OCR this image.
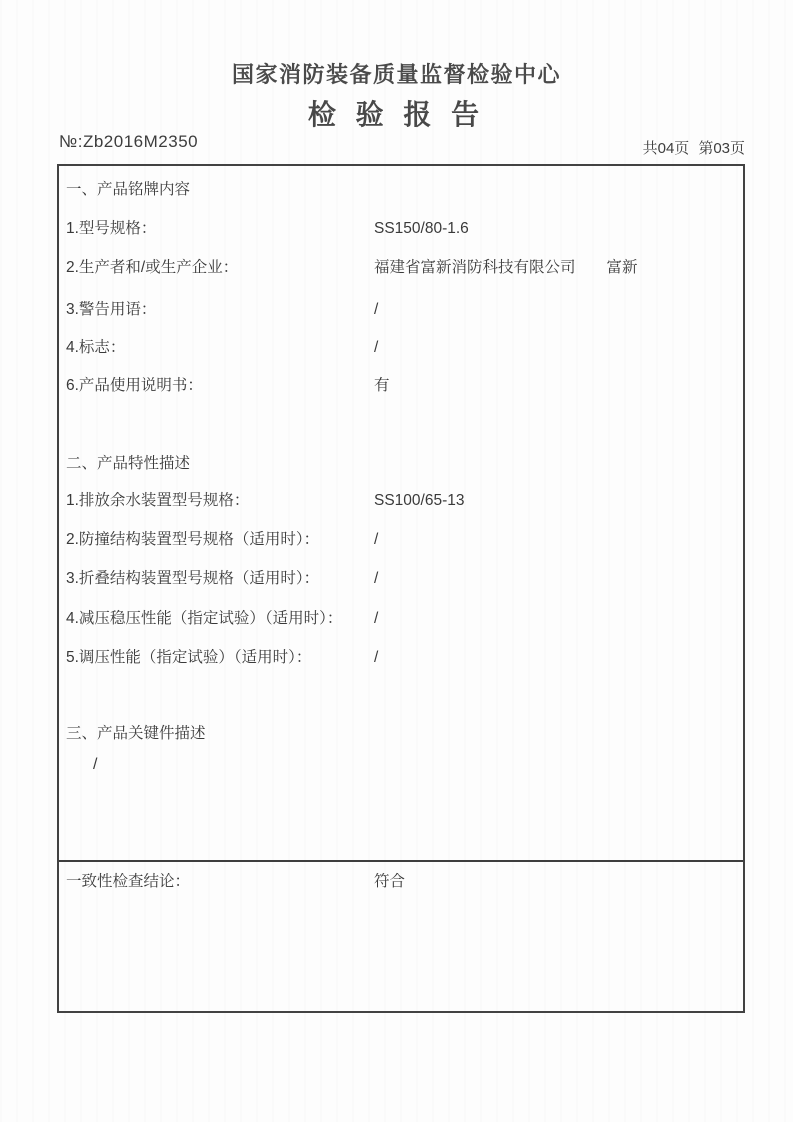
国家消防装备质量监督检验中心
检 验 报 告
№:Zb2016M2350	共04页 第03页
一、产品铭牌内容
1.型号规格：	SS150/80-1.6
2.生产者和/或生产企业：	福建省富新消防科技有限公司　　富新
3.警告用语：	/
4.标志：	/
6.产品使用说明书：	有
二、产品特性描述
1.排放余水装置型号规格：	SS100/65-13
2.防撞结构装置型号规格（适用时）：	/
3.折叠结构装置型号规格（适用时）：	/
4.减压稳压性能（指定试验）（适用时）： /
5.调压性能（指定试验）（适用时）：	/
三、产品关键件描述
/
一致性检查结论：	符合
